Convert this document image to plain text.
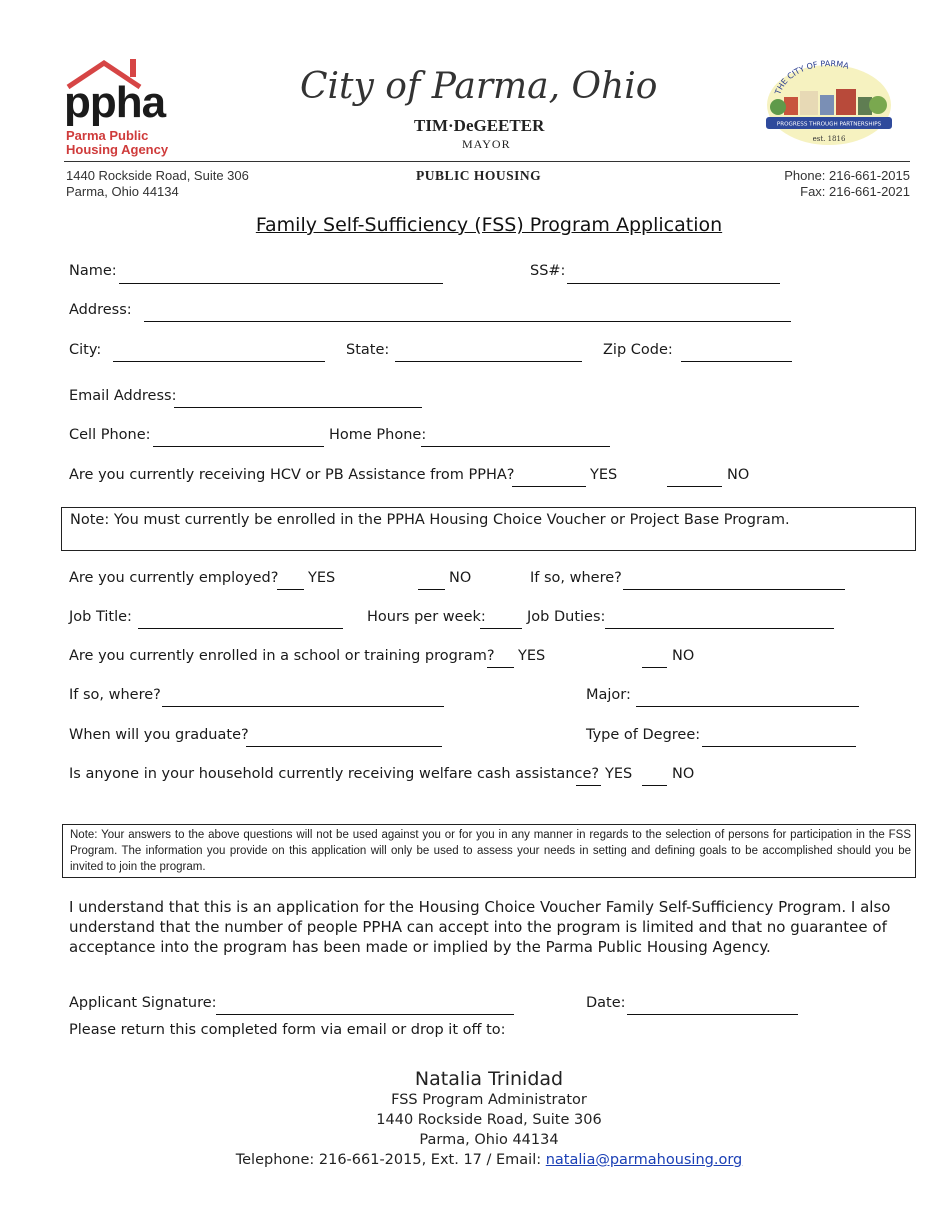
ppha
Parma Public
Housing Agency
City of Parma, Ohio
TIM·DeGEETER
MAYOR
THE CITY OF PARMA
PROGRESS THROUGH PARTNERSHIPS
est. 1816
1440 Rockside Road, Suite 306
Parma, Ohio 44134
PUBLIC HOUSING	Phone: 216-661-2015
Fax: 216-661-2021
Family Self-Sufficiency (FSS) Program Application
Name:	SS#:
Address:
City:	State:	Zip Code:
Email Address:
Cell Phone:	Home Phone:
Are you currently receiving HCV or PB Assistance from PPHA?	YES	NO
Note: You must currently be enrolled in the PPHA Housing Choice Voucher or Project Base Program.
Are you currently employed? YES	NO	If so, where?
Job Title:	Hours per week:	Job Duties:
Are you currently enrolled in a school or training program? YES	NO
If so, where?	Major:
When will you graduate?	Type of Degree:
Is anyone in your household currently receiving welfare cash assistance? YES	NO

Note: Your answers to the above questions will not be used against you or for you in any manner in regards to the selection of persons for participation in the FSS Program. The information you provide on this application will only be used to assess your needs in setting and defining goals to be accomplished should you be invited to join the program.

I understand that this is an application for the Housing Choice Voucher Family Self-Sufficiency Program. I also understand that the number of people PPHA can accept into the program is limited and that no guarantee of acceptance into the program has been made or implied by the Parma Public Housing Agency.

Applicant Signature:	Date:
Please return this completed form via email or drop it off to:
Natalia Trinidad
FSS Program Administrator
1440 Rockside Road, Suite 306
Parma, Ohio 44134
Telephone: 216-661-2015, Ext. 17 / Email: natalia@parmahousing.org
